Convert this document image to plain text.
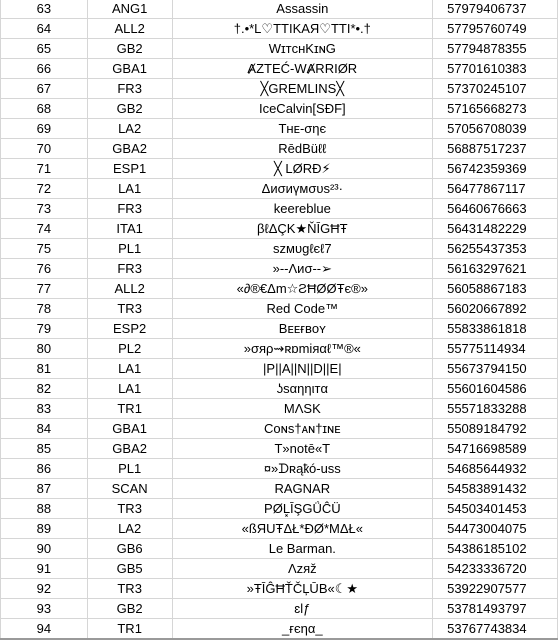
63	ANG1	Assassin	57979406737
64	ALL2	†.•*L♡TTIKAЯ♡TTI*•.†	57795760749
65	GB2	WɪᴛᴄʜKɪɴG	57794878355
66	GBA1	ȺZTEĆ-WȺRRIØR	57701610383
67	FR3	╳GREMLINS╳	57370245107
68	GB2	IceCalvin[SÐF]	57165668273
69	LA2	Tʜᴇ-σηє	57056708039
70	GBA2	RēdBüℓℓ	56887517237
71	ESP1	╳ LØRÐ⚡	56742359369
72	LA1	Δиσиүмσυѕ²³·	56477867117
73	FR3	keereblue	56460676663
74	ITA1	βℓΔÇK★ŇĪGĦŦ	56431482229
75	PL1	ѕzмυgℓєℓ7	56255437353
76	FR3	»--Λиσ--➢	56163297621
77	ALL2	«∂®€Δm☆ƧĦØØŦє®»	56058867183
78	TR3	Red Code™	56020667892
79	ESP2	Bᴇᴇғʙᴏʏ	55833861818
80	PL2	»σяρ⇝ʀɒmiяαℓ™®«	55775114934
81	LA1	|P||A||N||D||E|	55673794150
82	LA1	ʖѕαηηιтα	55601604586
83	TR1	MΛSK	55571833288
84	GBA1	Cᴏɴs†ᴀɴ†ɪɴᴇ	55089184792
85	GBA2	T»notē«T	54716698589
86	PL1	¤»ᗪʀąҟó-uss	54685644932
87	SCAN	RAGNAR	54583891432
88	TR3	PØL͓ĪŞGǗĈÜ	54503401453
89	LA2	«ßЯUŦΔŁ*ÐØ*MΔŁ«	54473004075
90	GB6	Le Barman.	54386185102
91	GB5	Λzяž	54233336720
92	TR3	»ŦĪĜĦŤČĻŪB«☾★	53922907577
93	GB2	ɛlƒ	53781493797
94	TR1	_ғєηα_	53767743834
